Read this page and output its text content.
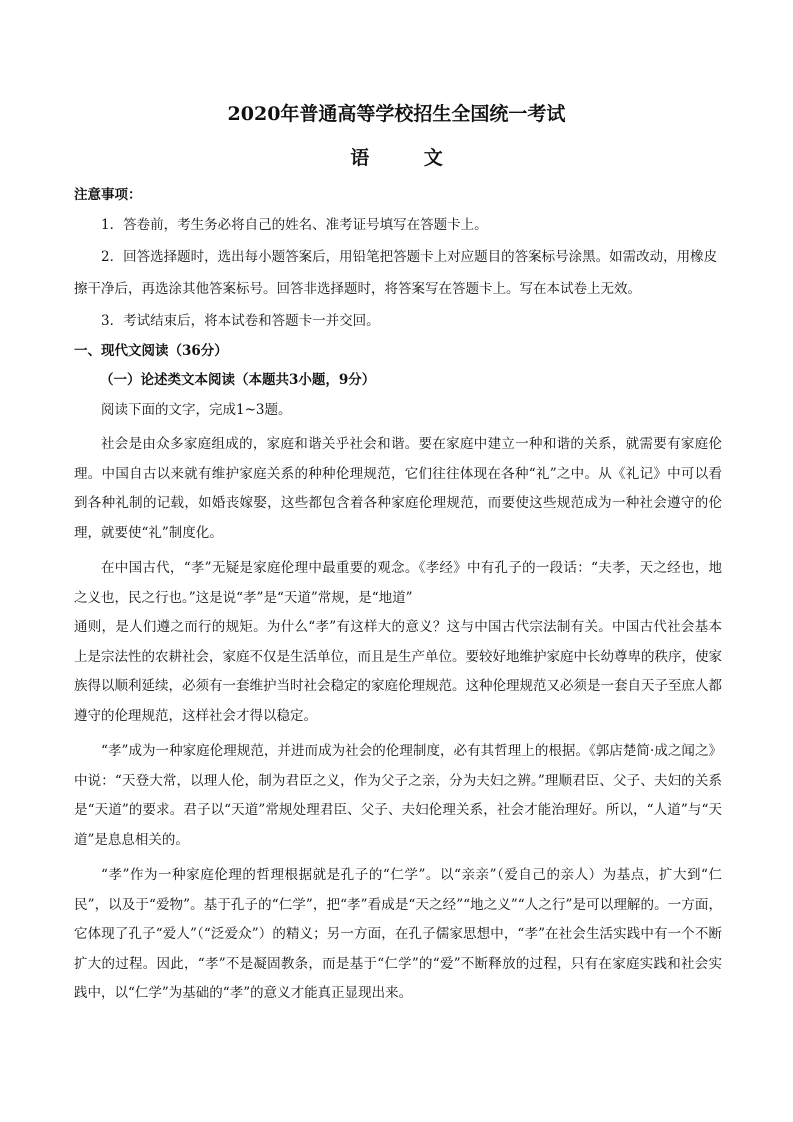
2020年普通高等学校招生全国统一考试
语 文
注意事项：

1．答卷前，考生务必将自己的姓名、准考证号填写在答题卡上。

2．回答选择题时，选出每小题答案后，用铅笔把答题卡上对应题目的答案标号涂黑。如需改动，用橡皮擦干净后，再选涂其他答案标号。回答非选择题时，将答案写在答题卡上。写在本试卷上无效。

3．考试结束后，将本试卷和答题卡一并交回。

一、现代文阅读（36分）
（一）论述类文本阅读（本题共3小题，9分）
阅读下面的文字，完成1~3题。

社会是由众多家庭组成的，家庭和谐关乎社会和谐。要在家庭中建立一种和谐的关系，就需要有家庭伦理。中国自古以来就有维护家庭关系的种种伦理规范，它们往往体现在各种“礼”之中。从《礼记》中可以看到各种礼制的记载，如婚丧嫁娶，这些都包含着各种家庭伦理规范，而要使这些规范成为一种社会遵守的伦理，就要使“礼”制度化。

在中国古代，“孝”无疑是家庭伦理中最重要的观念。《孝经》中有孔子的一段话：“夫孝，天之经也，地之义也，民之行也。”这是说“孝”是“天道”常规，是“地道”

通则，是人们遵之而行的规矩。为什么“孝”有这样大的意义？这与中国古代宗法制有关。中国古代社会基本上是宗法性的农耕社会，家庭不仅是生活单位，而且是生产单位。要较好地维护家庭中长幼尊卑的秩序，使家族得以顺利延续，必须有一套维护当时社会稳定的家庭伦理规范。这种伦理规范又必须是一套自天子至庶人都遵守的伦理规范，这样社会才得以稳定。

“孝”成为一种家庭伦理规范，并进而成为社会的伦理制度，必有其哲理上的根据。《郭店楚简·成之闻之》中说：“天登大常，以理人伦，制为君臣之义，作为父子之亲，分为夫妇之辨。”理顺君臣、父子、夫妇的关系是“天道”的要求。君子以“天道”常规处理君臣、父子、夫妇伦理关系，社会才能治理好。所以，“人道”与“天道”是息息相关的。

“孝”作为一种家庭伦理的哲理根据就是孔子的“仁学”。以“亲亲”（爱自己的亲人）为基点，扩大到“仁民”，以及于“爱物”。基于孔子的“仁学”，把“孝”看成是“天之经”“地之义”“人之行”是可以理解的。一方面，它体现了孔子“爱人”（“泛爱众”）的精义；另一方面，在孔子儒家思想中，“孝”在社会生活实践中有一个不断扩大的过程。因此，“孝”不是凝固教条，而是基于“仁学”的“爱”不断释放的过程，只有在家庭实践和社会实践中，以“仁学”为基础的“孝”的意义才能真正显现出来。
